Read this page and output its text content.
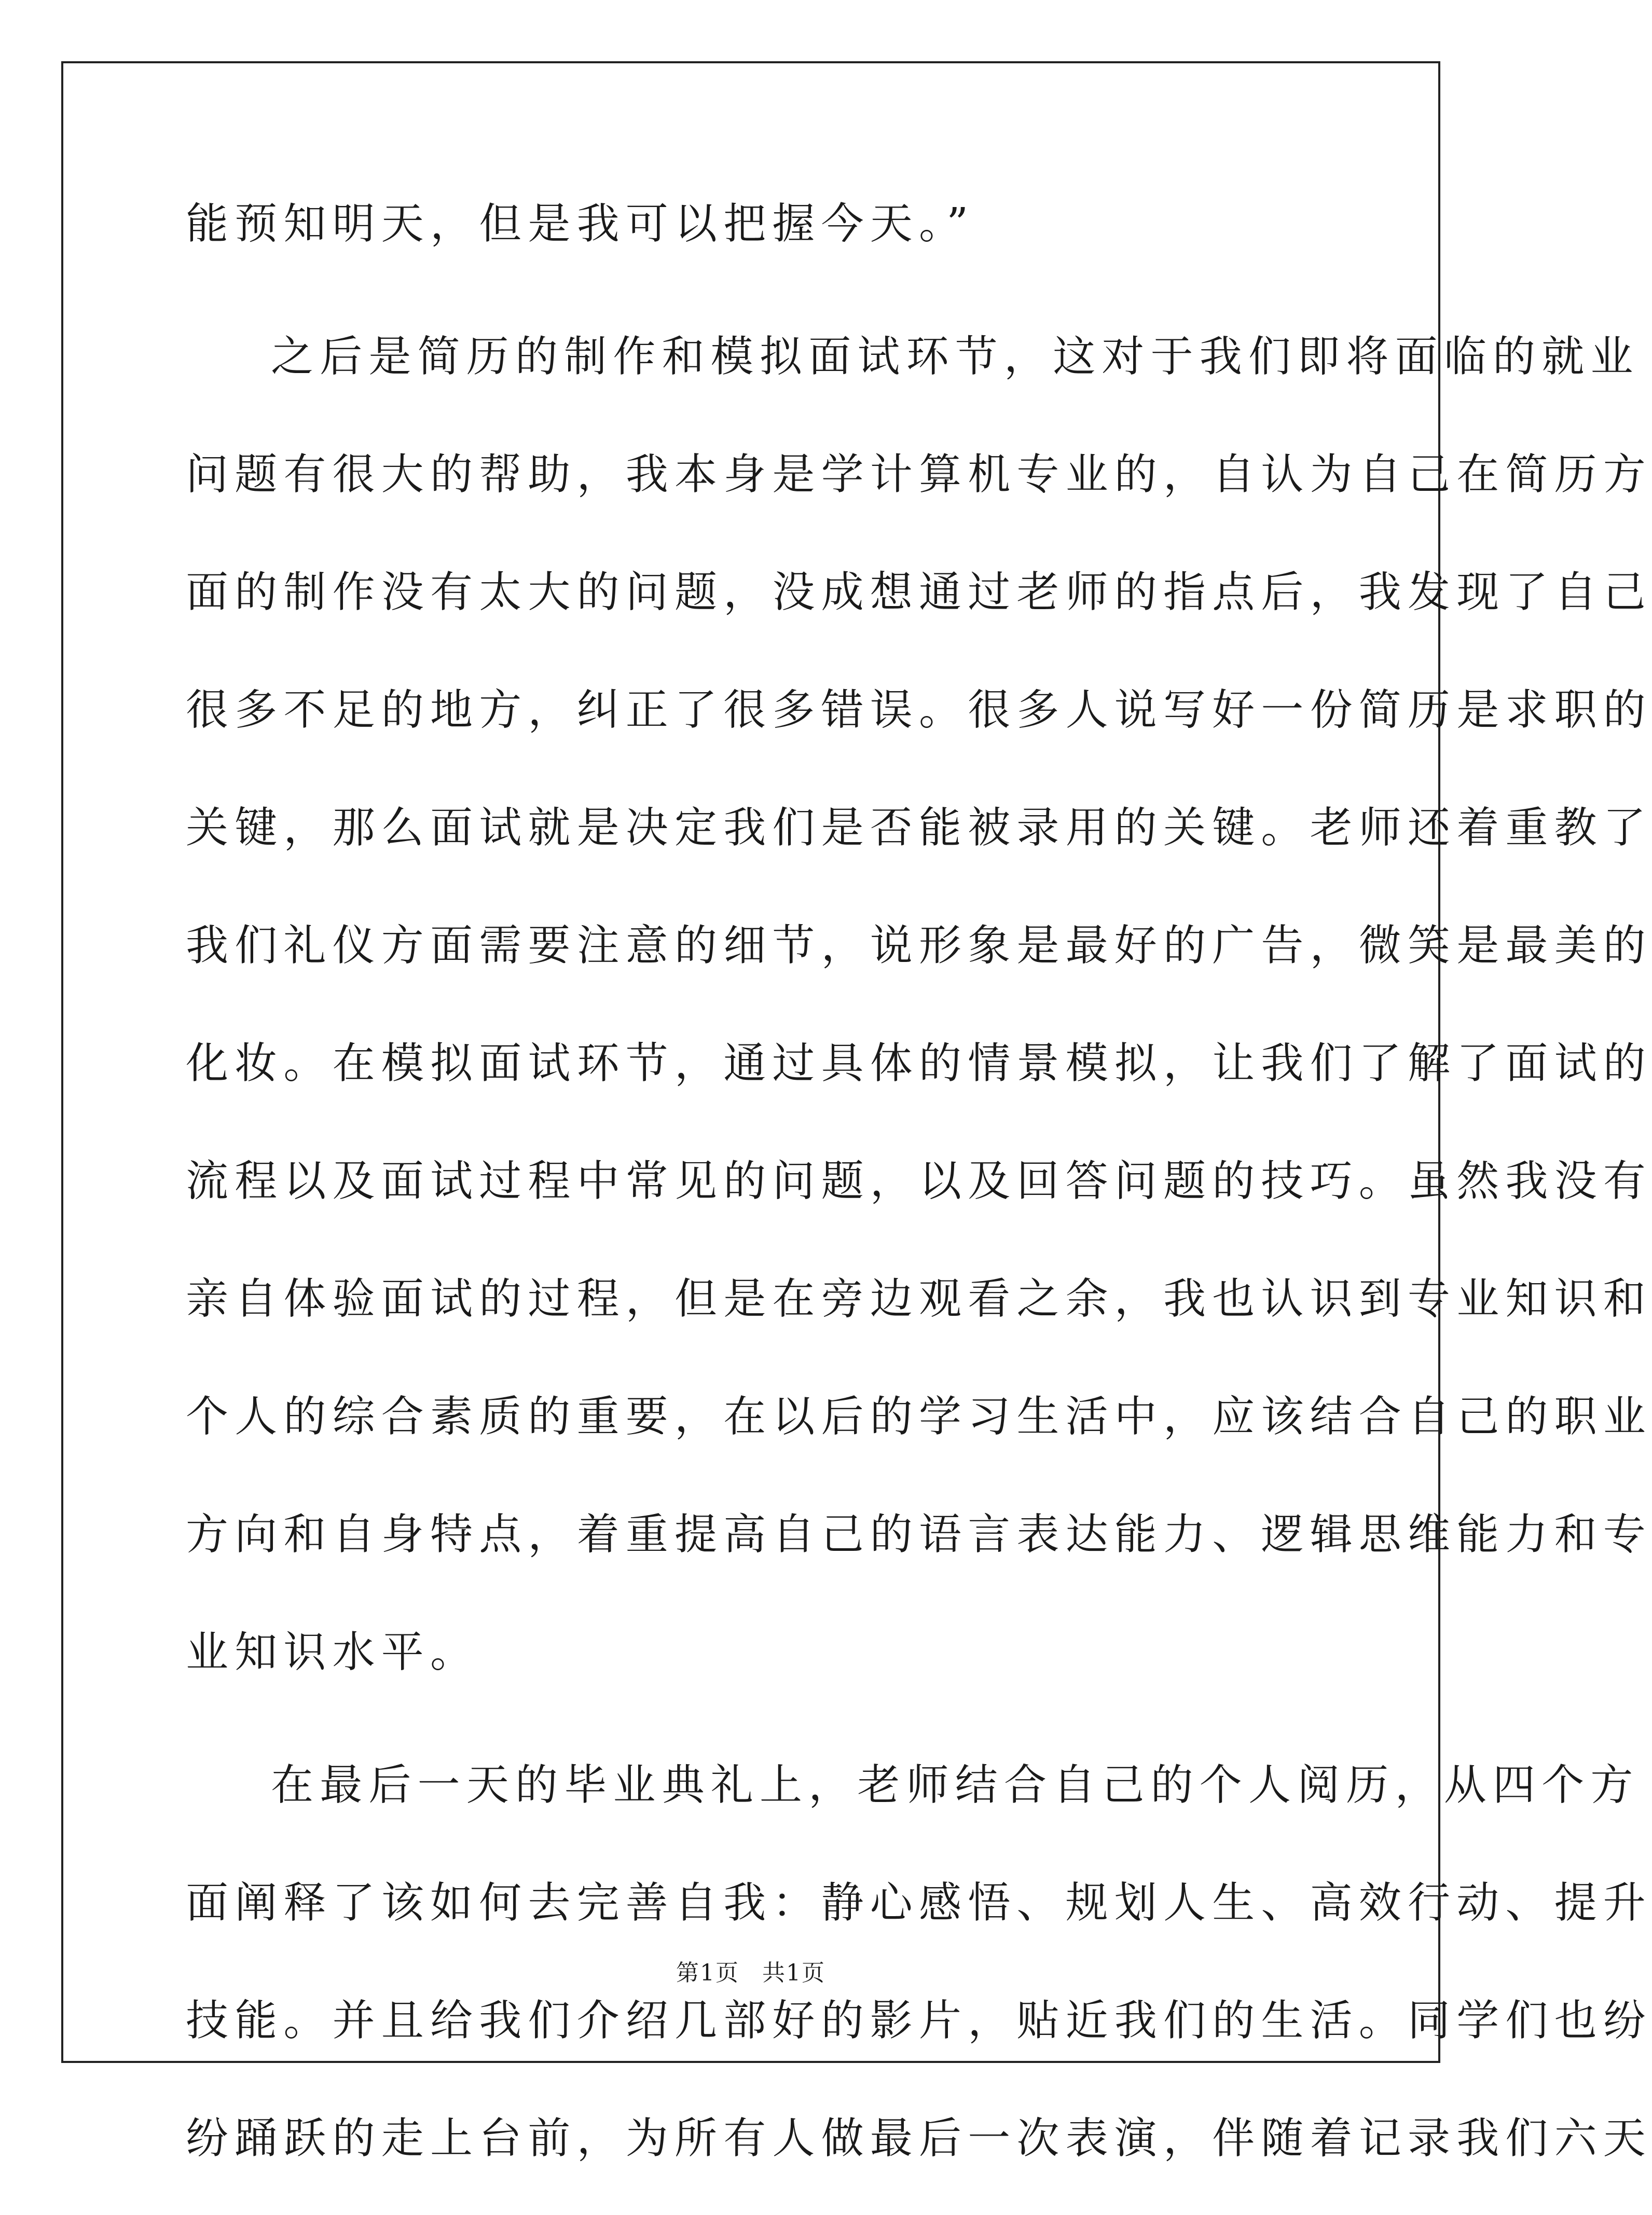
能预知明天，但是我可以把握今天。”
之后是简历的制作和模拟面试环节，这对于我们即将面临的就业
问题有很大的帮助，我本身是学计算机专业的，自认为自己在简历方
面的制作没有太大的问题，没成想通过老师的指点后，我发现了自己
很多不足的地方，纠正了很多错误。很多人说写好一份简历是求职的
关键，那么面试就是决定我们是否能被录用的关键。老师还着重教了
我们礼仪方面需要注意的细节，说形象是最好的广告，微笑是最美的
化妆。在模拟面试环节，通过具体的情景模拟，让我们了解了面试的
流程以及面试过程中常见的问题，以及回答问题的技巧。虽然我没有
亲自体验面试的过程，但是在旁边观看之余，我也认识到专业知识和
个人的综合素质的重要，在以后的学习生活中，应该结合自己的职业
方向和自身特点，着重提高自己的语言表达能力、逻辑思维能力和专
业知识水平。
在最后一天的毕业典礼上，老师结合自己的个人阅历，从四个方
面阐释了该如何去完善自我：静心感悟、规划人生、高效行动、提升
技能。并且给我们介绍几部好的影片，贴近我们的生活。同学们也纷
纷踊跃的走上台前，为所有人做最后一次表演，伴随着记录我们六天
第1页 共1页
